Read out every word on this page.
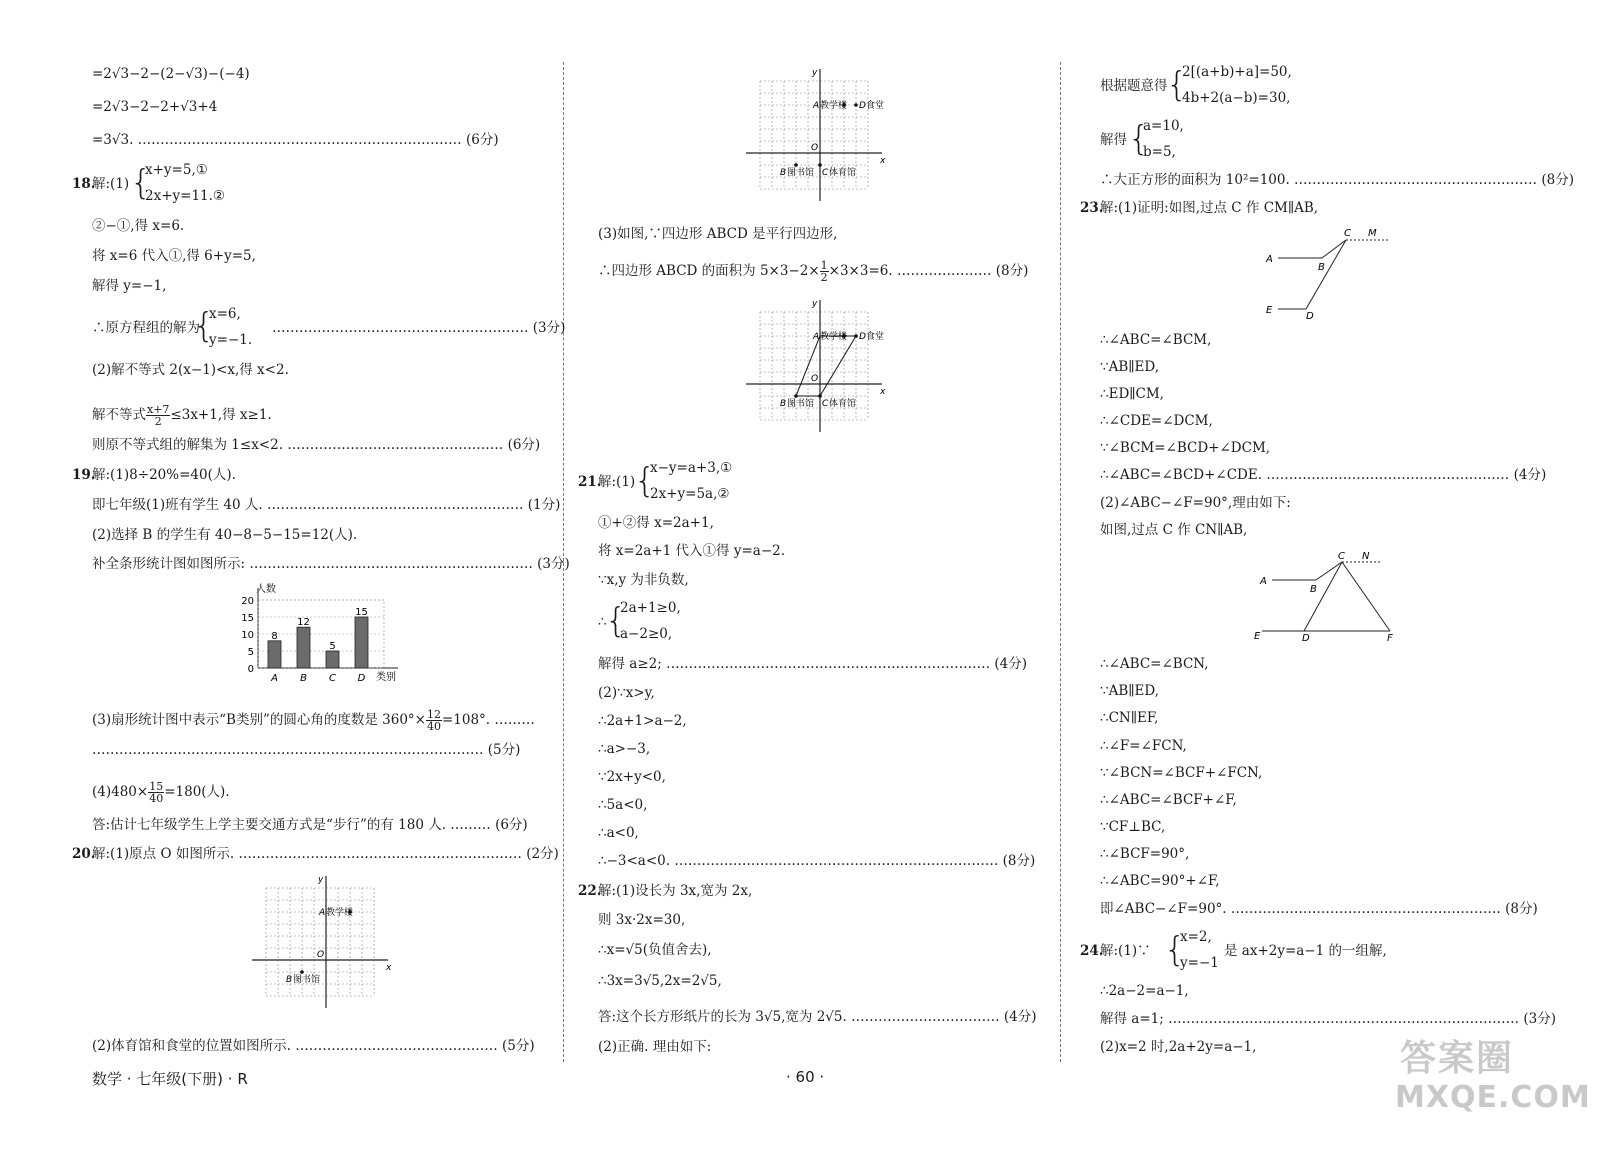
=2√3−2−(2−√3)−(−4)
=2√3−2−2+√3+4
=3√3. ……………………………………………………………… (6分)
18.
解:(1) {
x+y=5,①
2x+y=11.②
②−①,得 x=6.
将 x=6 代入①,得 6+y=5,
解得 y=−1,
∴原方程组的解为
{
x=6,
y=−1.
………………………………………………… (3分)
(2)解不等式 2(x−1)<x,得 x<2.
解不等式 $\frac{x+7}{2} \le 3x+1$,得 x≥1.
则原不等式组的解集为 1≤x<2. ………………………………………… (6分)
19.
解:(1)8÷20%=40(人).
即七年级(1)班有学生 40 人. ………………………………………………… (1分)
(2)选择 B 的学生有 40−8−5−15=12(人).
补全条形统计图如图所示: ……………………………………………………… (3分)
人数
类别
20
15
10
5
0
8
A
12
B
5
C
15
D
(3)扇形统计图中表示“B类别”的圆心角的度数是 $360^\circ\times \frac{12}{40} =108^\circ$. ………
…………………………………………………………………………… (5分)
$(4)480\times \frac{15}{40} =180$(人).
答:估计七年级学生上学主要交通方式是“步行”的有 180 人. ……… (6分)
20.
解:(1)原点 O 如图所示. ……………………………………………………… (2分)
x
y
O
A 教学楼
B 图书馆
(2)体育馆和食堂的位置如图所示. ……………………………………… (5分)
x
y
O
A 教学楼
B 图书馆 C 体育馆
D 食堂
(3)如图,∵四边形 ABCD 是平行四边形,
∴四边形 ABCD 的面积为 $5\times 3-2\times \frac{1}{2} \times 3\times 3=6$. ………………… (8分)
x
y
O
A 教学楼
B 图书馆 C 体育馆
D 食堂
21.
解:(1)
{
x−y=a+3,①
2x+y=5a,②
①+②得 x=2a+1,
将 x=2a+1 代入①得 y=a−2.
∵x,y 为非负数,
∴
{
2a+1≥0,
a−2≥0,
解得 a≥2; ……………………………………………………………… (4分)
(2)∵x>y,
∴2a+1>a−2,
∴a>−3,
∵2x+y<0,
∴5a<0,
∴a<0,
∴−3<a<0. ……………………………………………………………… (8分)
22.
解:(1)设长为 3x,宽为 2x,
则 3x·2x=30,
∴x=√5(负值舍去),
∴3x=3√5,2x=2√5,
答:这个长方形纸片的长为 3√5,宽为 2√5. …………………………… (4分)
(2)正确. 理由如下:
根据题意得
{
2[(a+b)+a]=50,
4b+2(a−b)=30,
解得 {
a=10,
b=5,
∴大正方形的面积为 10²=100. ……………………………………………… (8分)
23.
解:(1)证明:如图,过点 C 作 CM∥AB,
A
B
C M
E
D
∴∠ABC=∠BCM,
∵AB∥ED,
∴ED∥CM,
∴∠CDE=∠DCM,
∵∠BCM=∠BCD+∠DCM,
∴∠ABC=∠BCD+∠CDE. ……………………………………………… (4分)
(2)∠ABC−∠F=90°,理由如下:
如图,过点 C 作 CN∥AB,
A
B
C N
E	D	F
∴∠ABC=∠BCN,
∵AB∥ED,
∴CN∥EF,
∴∠F=∠FCN,
∵∠BCN=∠BCF+∠FCN,
∴∠ABC=∠BCF+∠F,
∵CF⊥BC,
∴∠BCF=90°,
∴∠ABC=90°+∠F,
即∠ABC−∠F=90°. …………………………………………………… (8分)
24.
解:(1)∵ {
x=2,
y=−1
是 ax+2y=a−1 的一组解,
∴2a−2=a−1,
解得 a=1; …………………………………………………………………… (3分)
(2)x=2 时,2a+2y=a−1,
数学 · 七年级(下册) · R	· 60 ·	答案圈
MXQE.COM
